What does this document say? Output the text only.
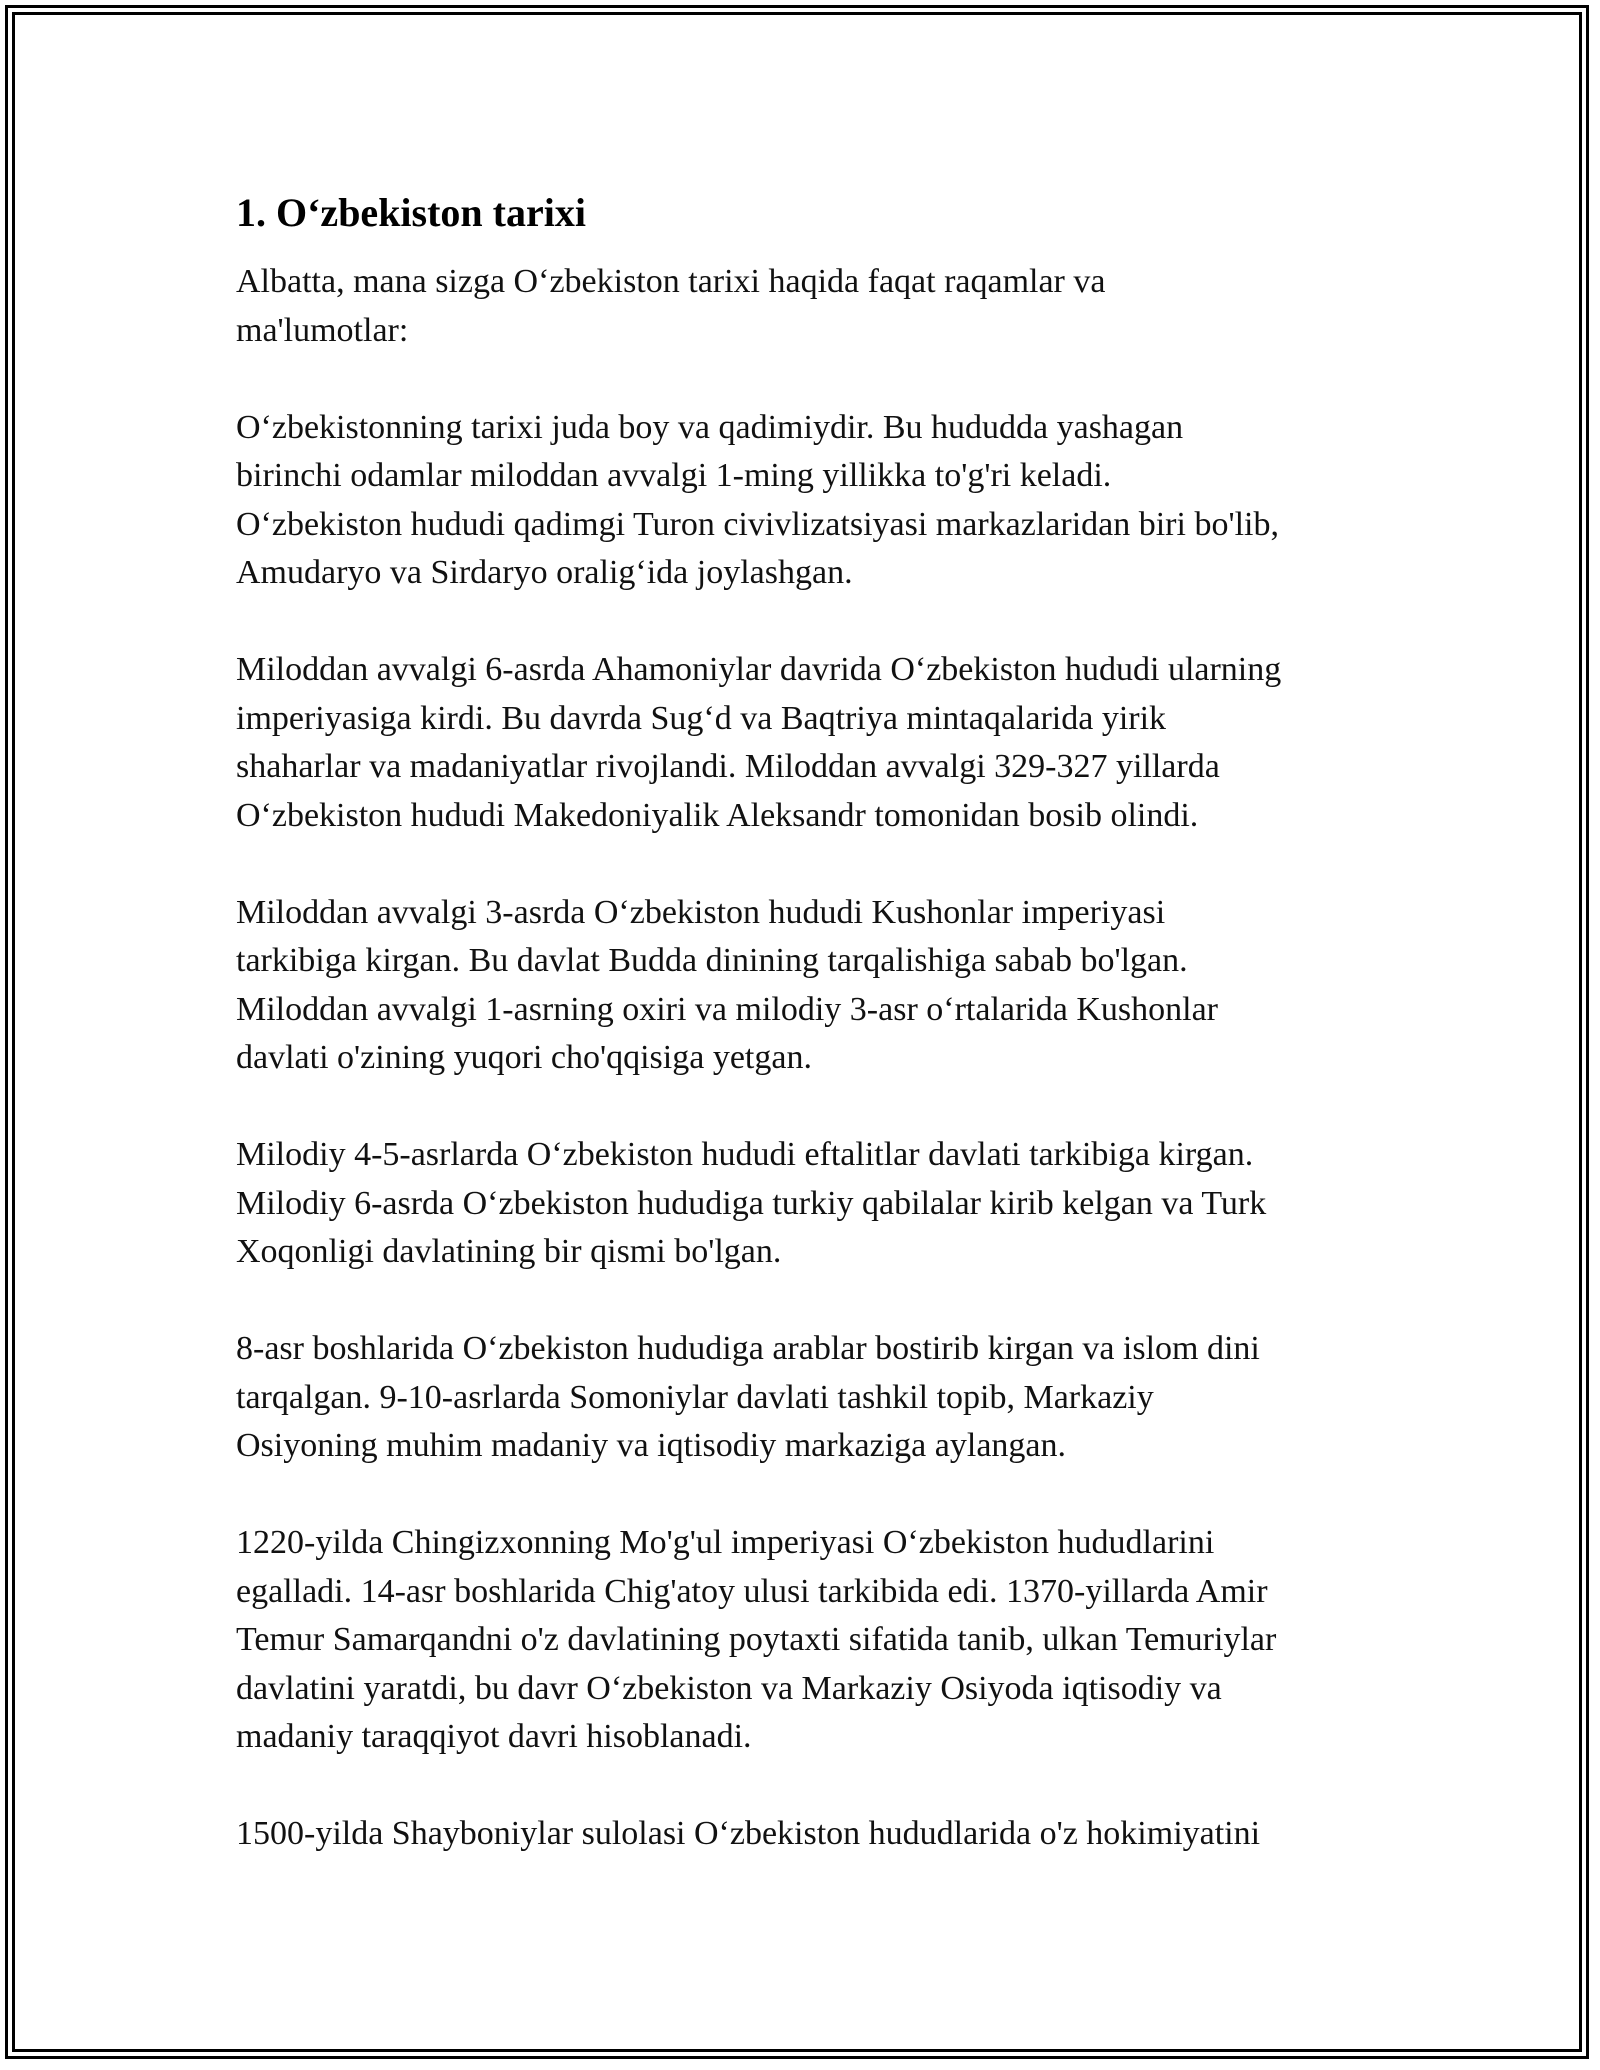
1. O‘zbekiston tarixi

Albatta, mana sizga O‘zbekiston tarixi haqida faqat raqamlar va
ma'lumotlar:

O‘zbekistonning tarixi juda boy va qadimiydir. Bu hududda yashagan
birinchi odamlar miloddan avvalgi 1-ming yillikka to'g'ri keladi.
O‘zbekiston hududi qadimgi Turon civivlizatsiyasi markazlaridan biri bo'lib,
Amudaryo va Sirdaryo oralig‘ida joylashgan.

Miloddan avvalgi 6-asrda Ahamoniylar davrida O‘zbekiston hududi ularning
imperiyasiga kirdi. Bu davrda Sug‘d va Baqtriya mintaqalarida yirik
shaharlar va madaniyatlar rivojlandi. Miloddan avvalgi 329-327 yillarda
O‘zbekiston hududi Makedoniyalik Aleksandr tomonidan bosib olindi.

Miloddan avvalgi 3-asrda O‘zbekiston hududi Kushonlar imperiyasi
tarkibiga kirgan. Bu davlat Budda dinining tarqalishiga sabab bo'lgan.
Miloddan avvalgi 1-asrning oxiri va milodiy 3-asr o‘rtalarida Kushonlar
davlati o'zining yuqori cho'qqisiga yetgan.

Milodiy 4-5-asrlarda O‘zbekiston hududi eftalitlar davlati tarkibiga kirgan.
Milodiy 6-asrda O‘zbekiston hududiga turkiy qabilalar kirib kelgan va Turk
Xoqonligi davlatining bir qismi bo'lgan.

8-asr boshlarida O‘zbekiston hududiga arablar bostirib kirgan va islom dini
tarqalgan. 9-10-asrlarda Somoniylar davlati tashkil topib, Markaziy
Osiyoning muhim madaniy va iqtisodiy markaziga aylangan.

1220-yilda Chingizxonning Mo'g'ul imperiyasi O‘zbekiston hududlarini
egalladi. 14-asr boshlarida Chig'atoy ulusi tarkibida edi. 1370-yillarda Amir
Temur Samarqandni o'z davlatining poytaxti sifatida tanib, ulkan Temuriylar
davlatini yaratdi, bu davr O‘zbekiston va Markaziy Osiyoda iqtisodiy va
madaniy taraqqiyot davri hisoblanadi.

1500-yilda Shayboniylar sulolasi O‘zbekiston hududlarida o'z hokimiyatini
